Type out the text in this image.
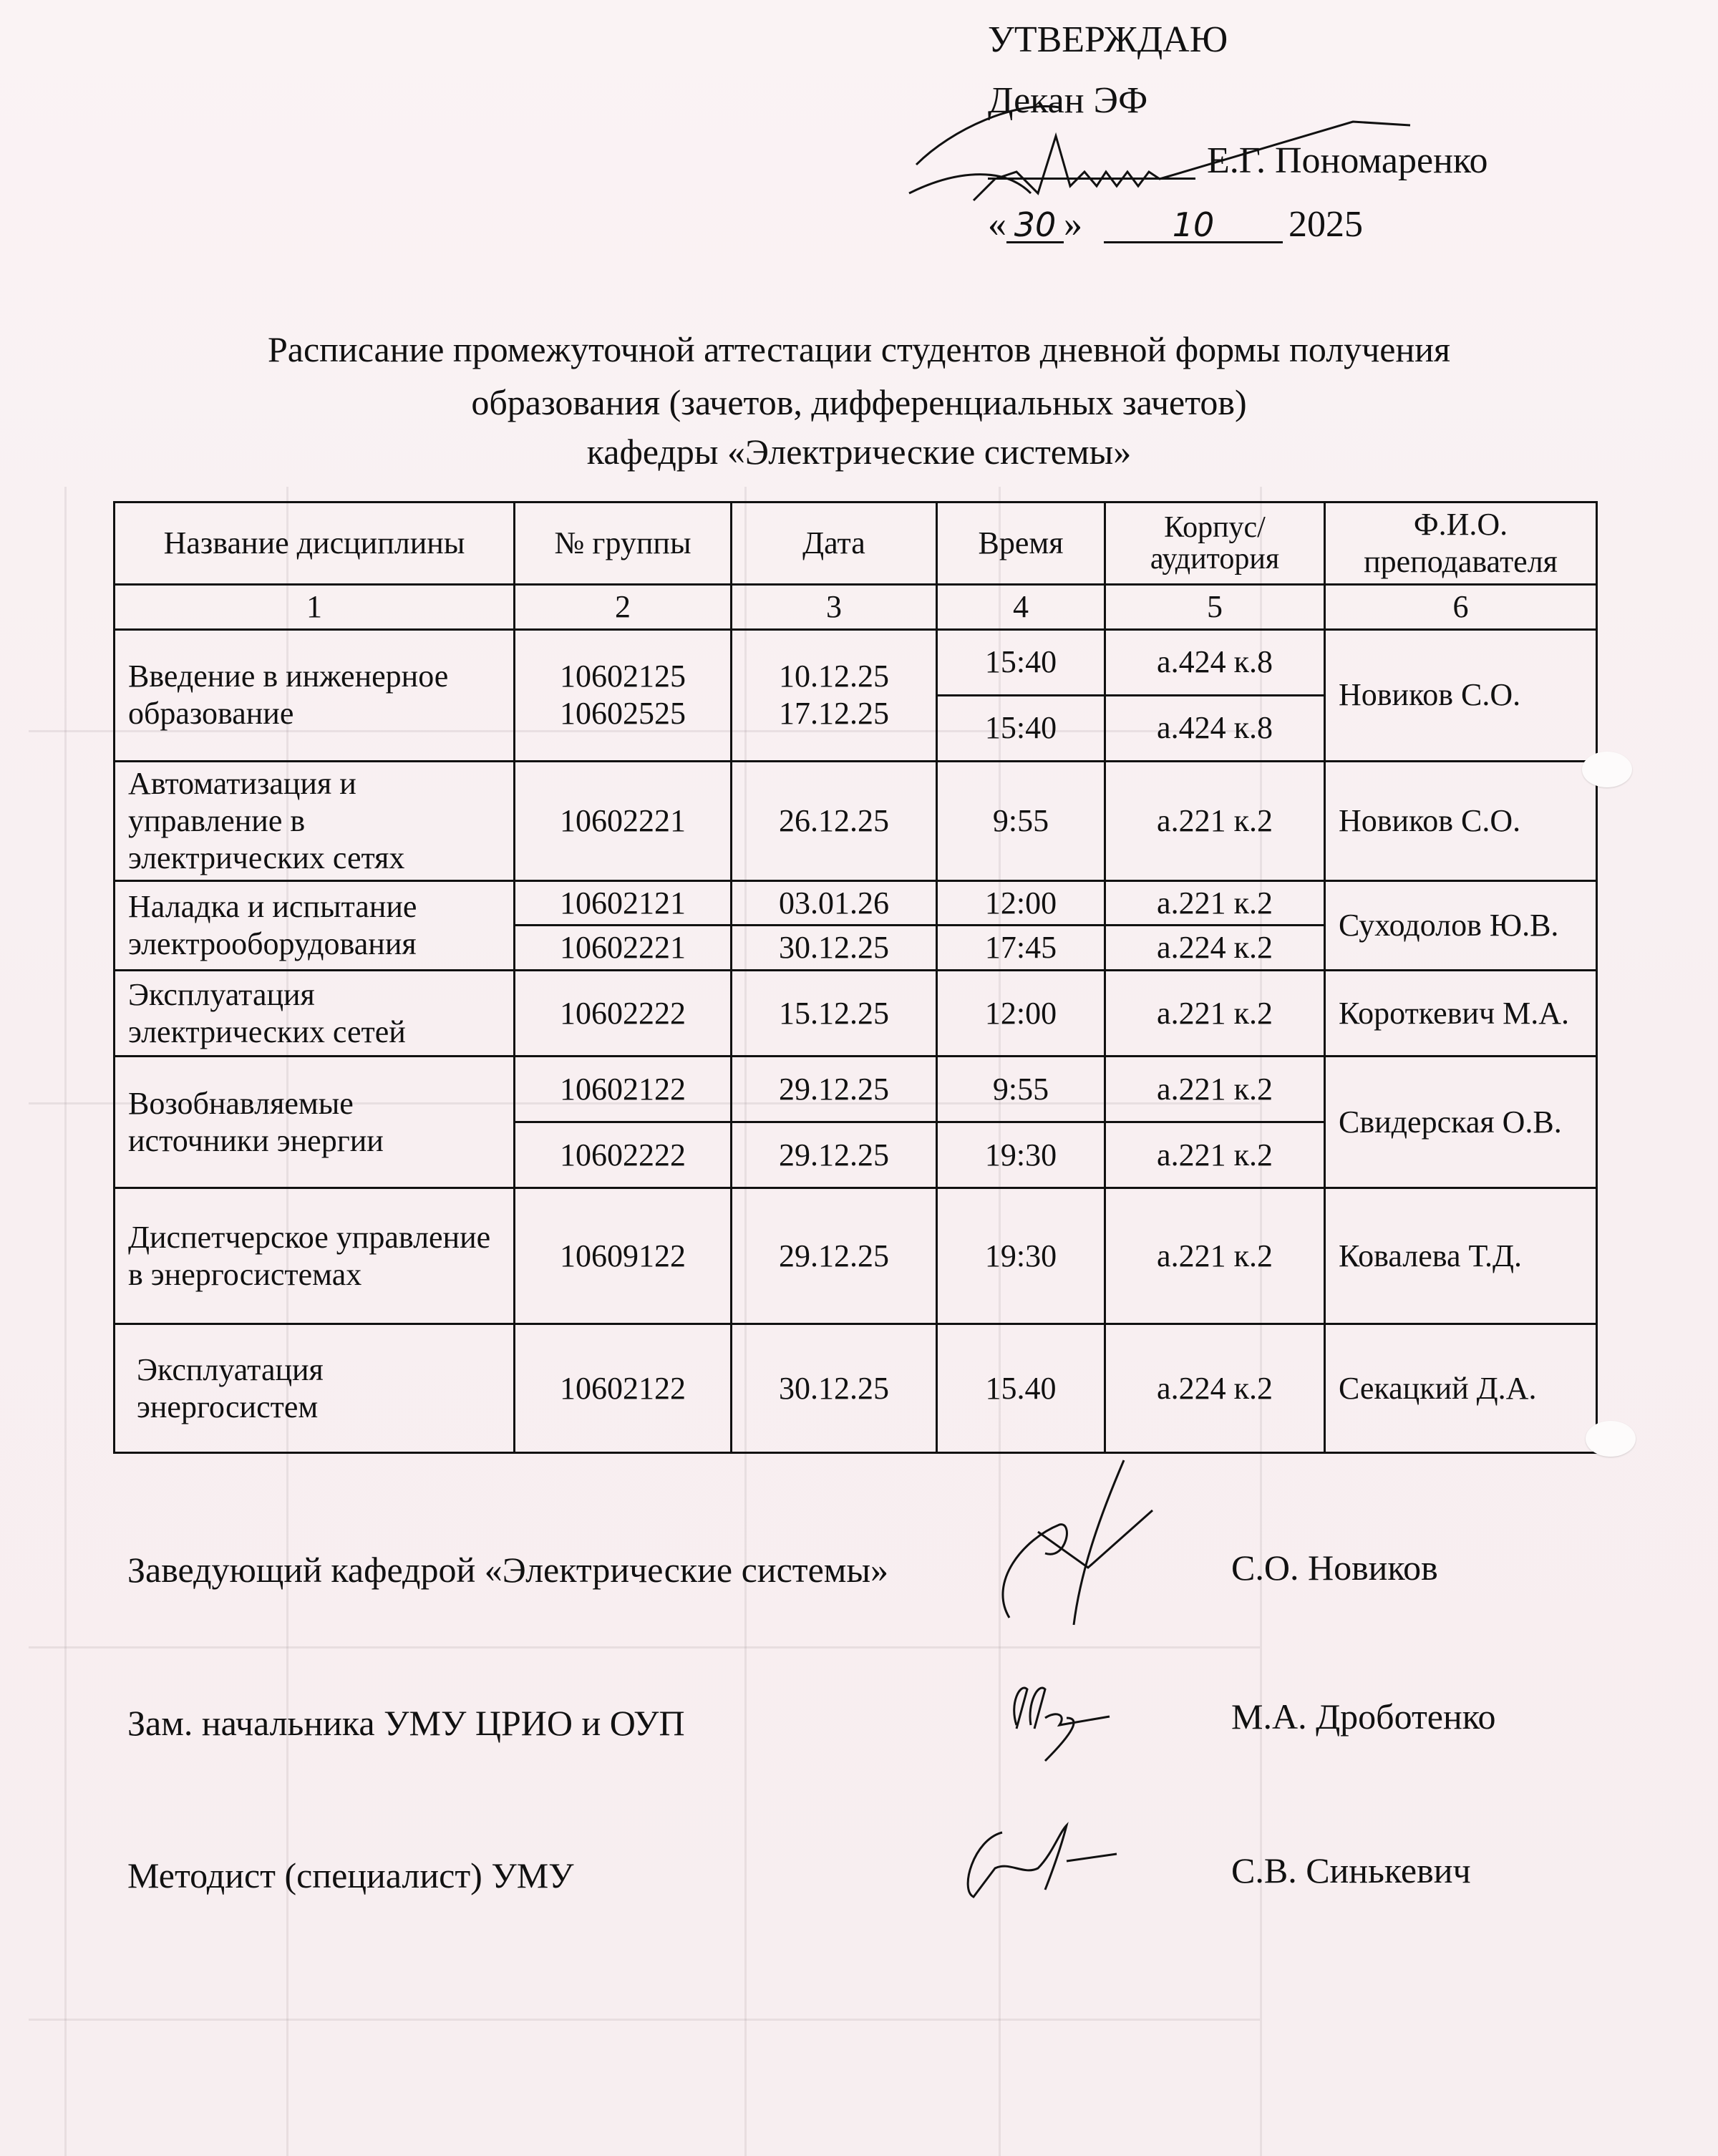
УТВЕРЖДАЮ
Декан ЭФ
Е.Г. Пономаренко
« 30 »	10	2025
Расписание промежуточной аттестации студентов дневной формы получения
образования (зачетов, дифференциальных зачетов)
кафедры «Электрические системы»
Название дисциплины	№ группы	Дата	Время	Корпус/ аудитория	Ф.И.О. преподавателя
1	2	3	4	5	6
Введение в инженерное образование	10602125 10602525	10.12.25 17.12.25	15:40	а.424 к.8	Новиков С.О.
			15:40	а.424 к.8	
Автоматизация и управление в электрических сетях	10602221	26.12.25	9:55	а.221 к.2	Новиков С.О.
Наладка и испытание электрооборудования	10602121	03.01.26	12:00	а.221 к.2	Суходолов Ю.В.
	10602221	30.12.25	17:45	а.224 к.2	
Эксплуатация электрических сетей	10602222	15.12.25	12:00	а.221 к.2	Короткевич М.А.
Возобнавляемые источники энергии	10602122	29.12.25	9:55	а.221 к.2	Свидерская О.В.
	10602222	29.12.25	19:30	а.221 к.2	
Диспетчерское управление в энергосистемах	10609122	29.12.25	19:30	а.221 к.2	Ковалева Т.Д.
Эксплуатация энергосистем	10602122	30.12.25	15.40	а.224 к.2	Секацкий Д.А.
Заведующий кафедрой «Электрические системы»	С.О. Новиков
Зам. начальника УМУ ЦРИО и ОУП	М.А. Дроботенко
Методист (специалист) УМУ	С.В. Синькевич
